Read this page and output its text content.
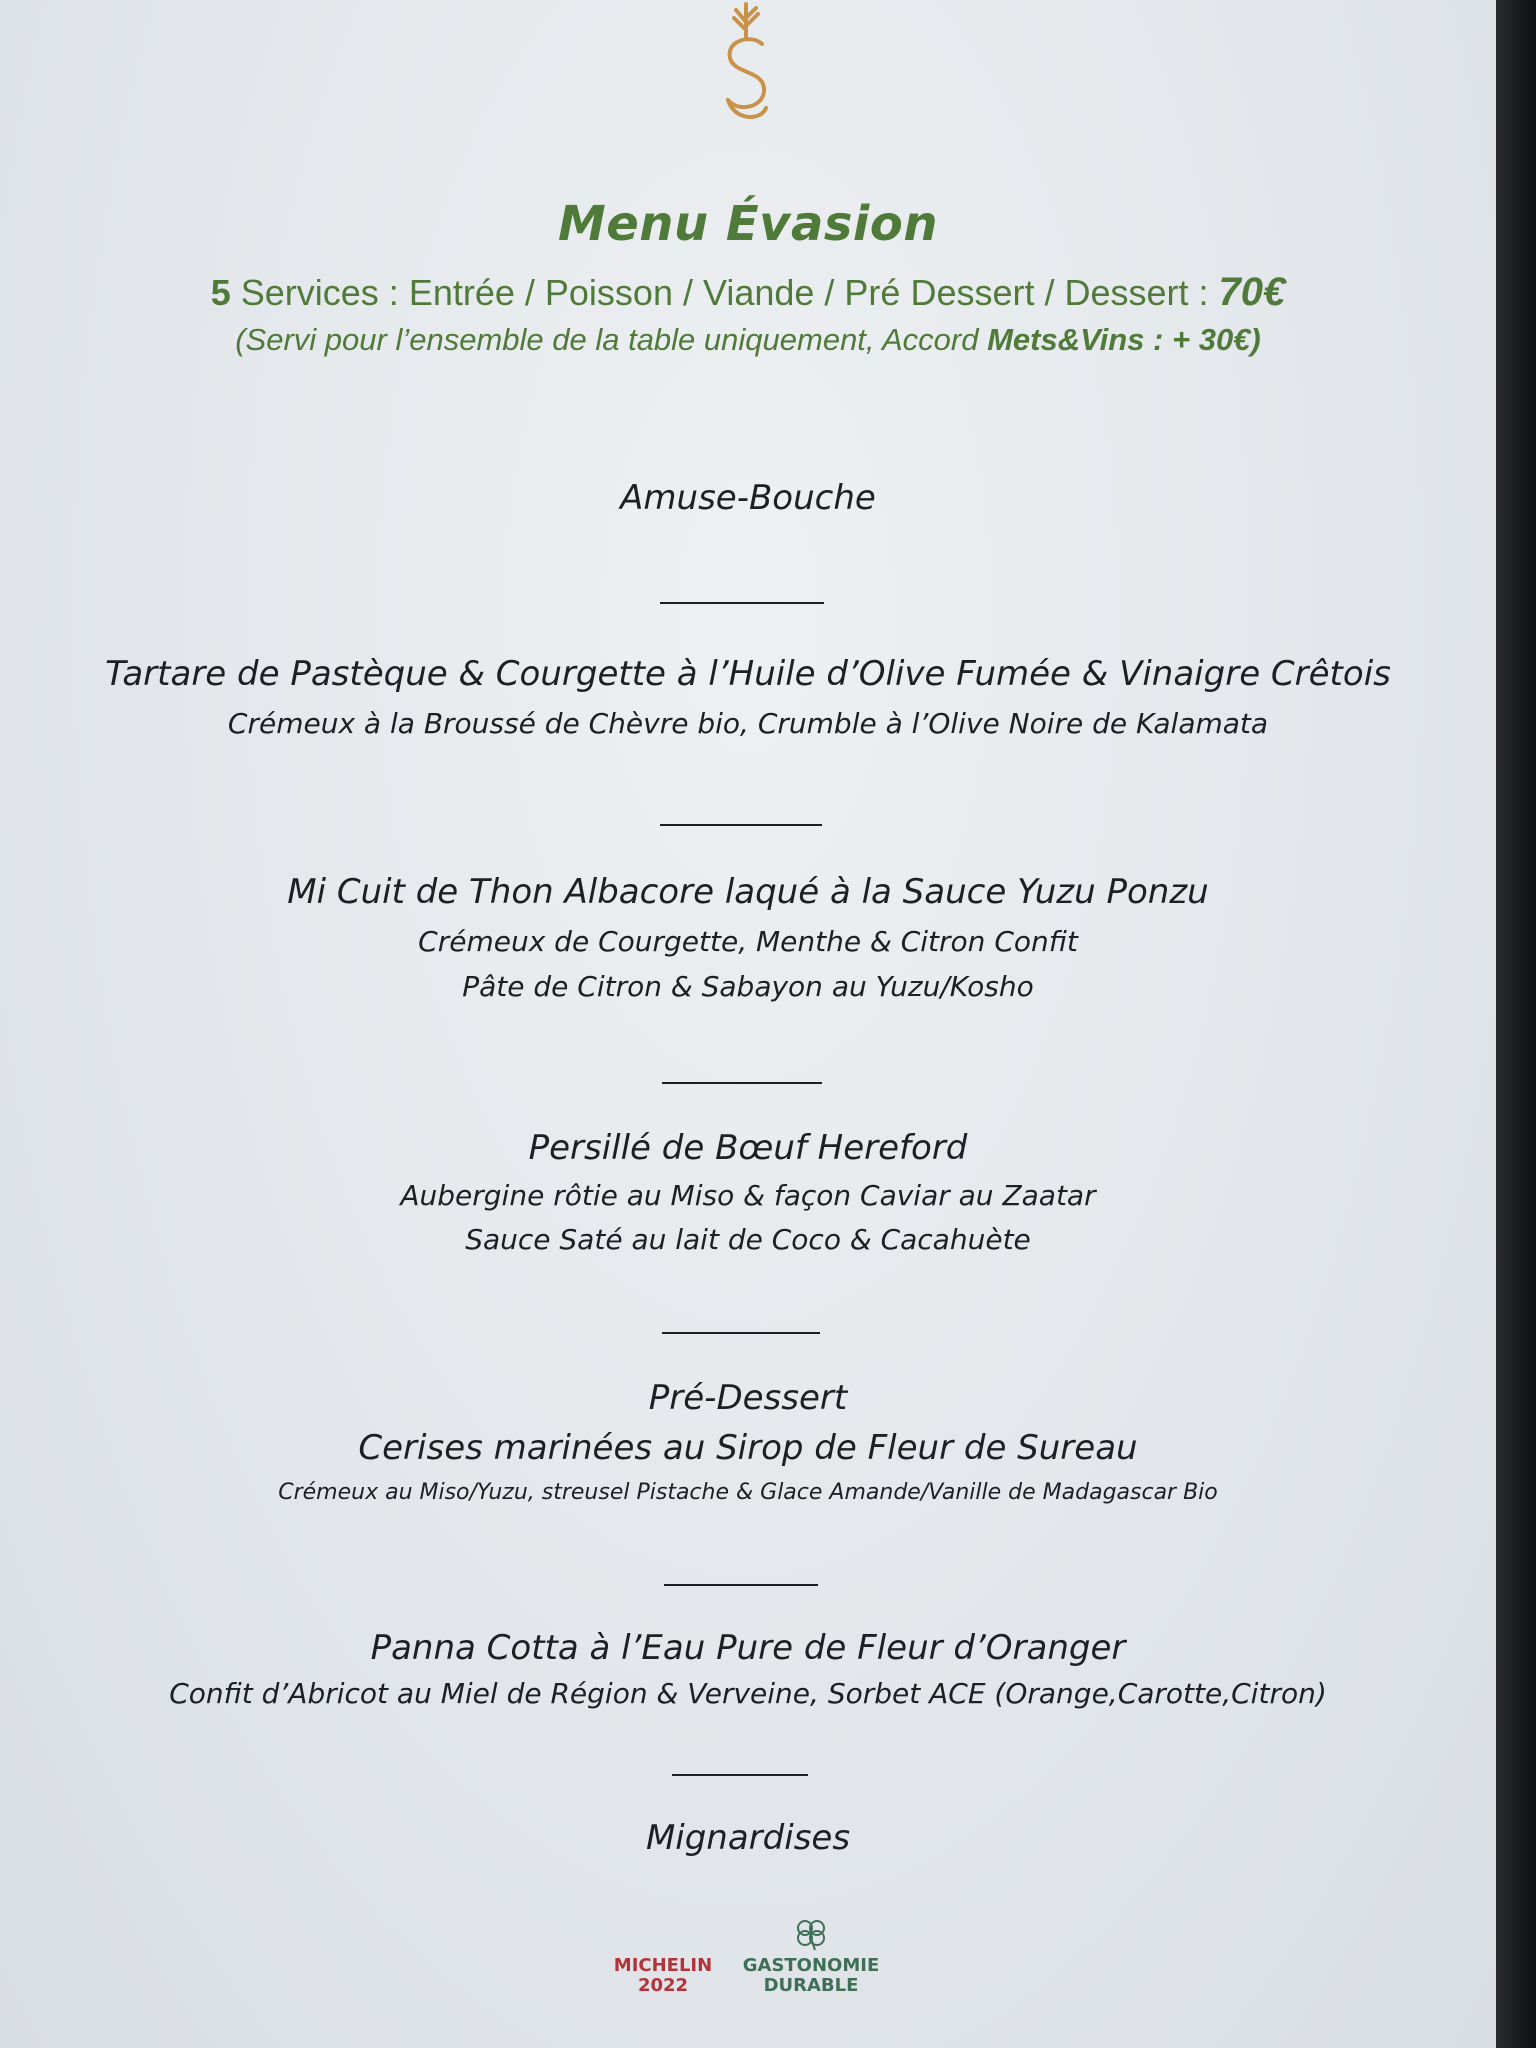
Menu Évasion

5 Services : Entrée / Poisson / Viande / Pré Dessert / Dessert : 70€

(Servi pour l’ensemble de la table uniquement, Accord Mets&Vins : + 30€)

Amuse-Bouche

Tartare de Pastèque & Courgette à l’Huile d’Olive Fumée & Vinaigre Crêtois

Crémeux à la Broussé de Chèvre bio, Crumble à l’Olive Noire de Kalamata

Mi Cuit de Thon Albacore laqué à la Sauce Yuzu Ponzu

Crémeux de Courgette, Menthe & Citron Confit

Pâte de Citron & Sabayon au Yuzu/Kosho

Persillé de Bœuf Hereford

Aubergine rôtie au Miso & façon Caviar au Zaatar

Sauce Saté au lait de Coco & Cacahuète

Pré-Dessert

Cerises marinées au Sirop de Fleur de Sureau

Crémeux au Miso/Yuzu, streusel Pistache & Glace Amande/Vanille de Madagascar Bio

Panna Cotta à l’Eau Pure de Fleur d’Oranger

Confit d’Abricot au Miel de Région & Verveine, Sorbet ACE (Orange,Carotte,Citron)

Mignardises

MICHELIN
2022
GASTONOMIE
DURABLE
